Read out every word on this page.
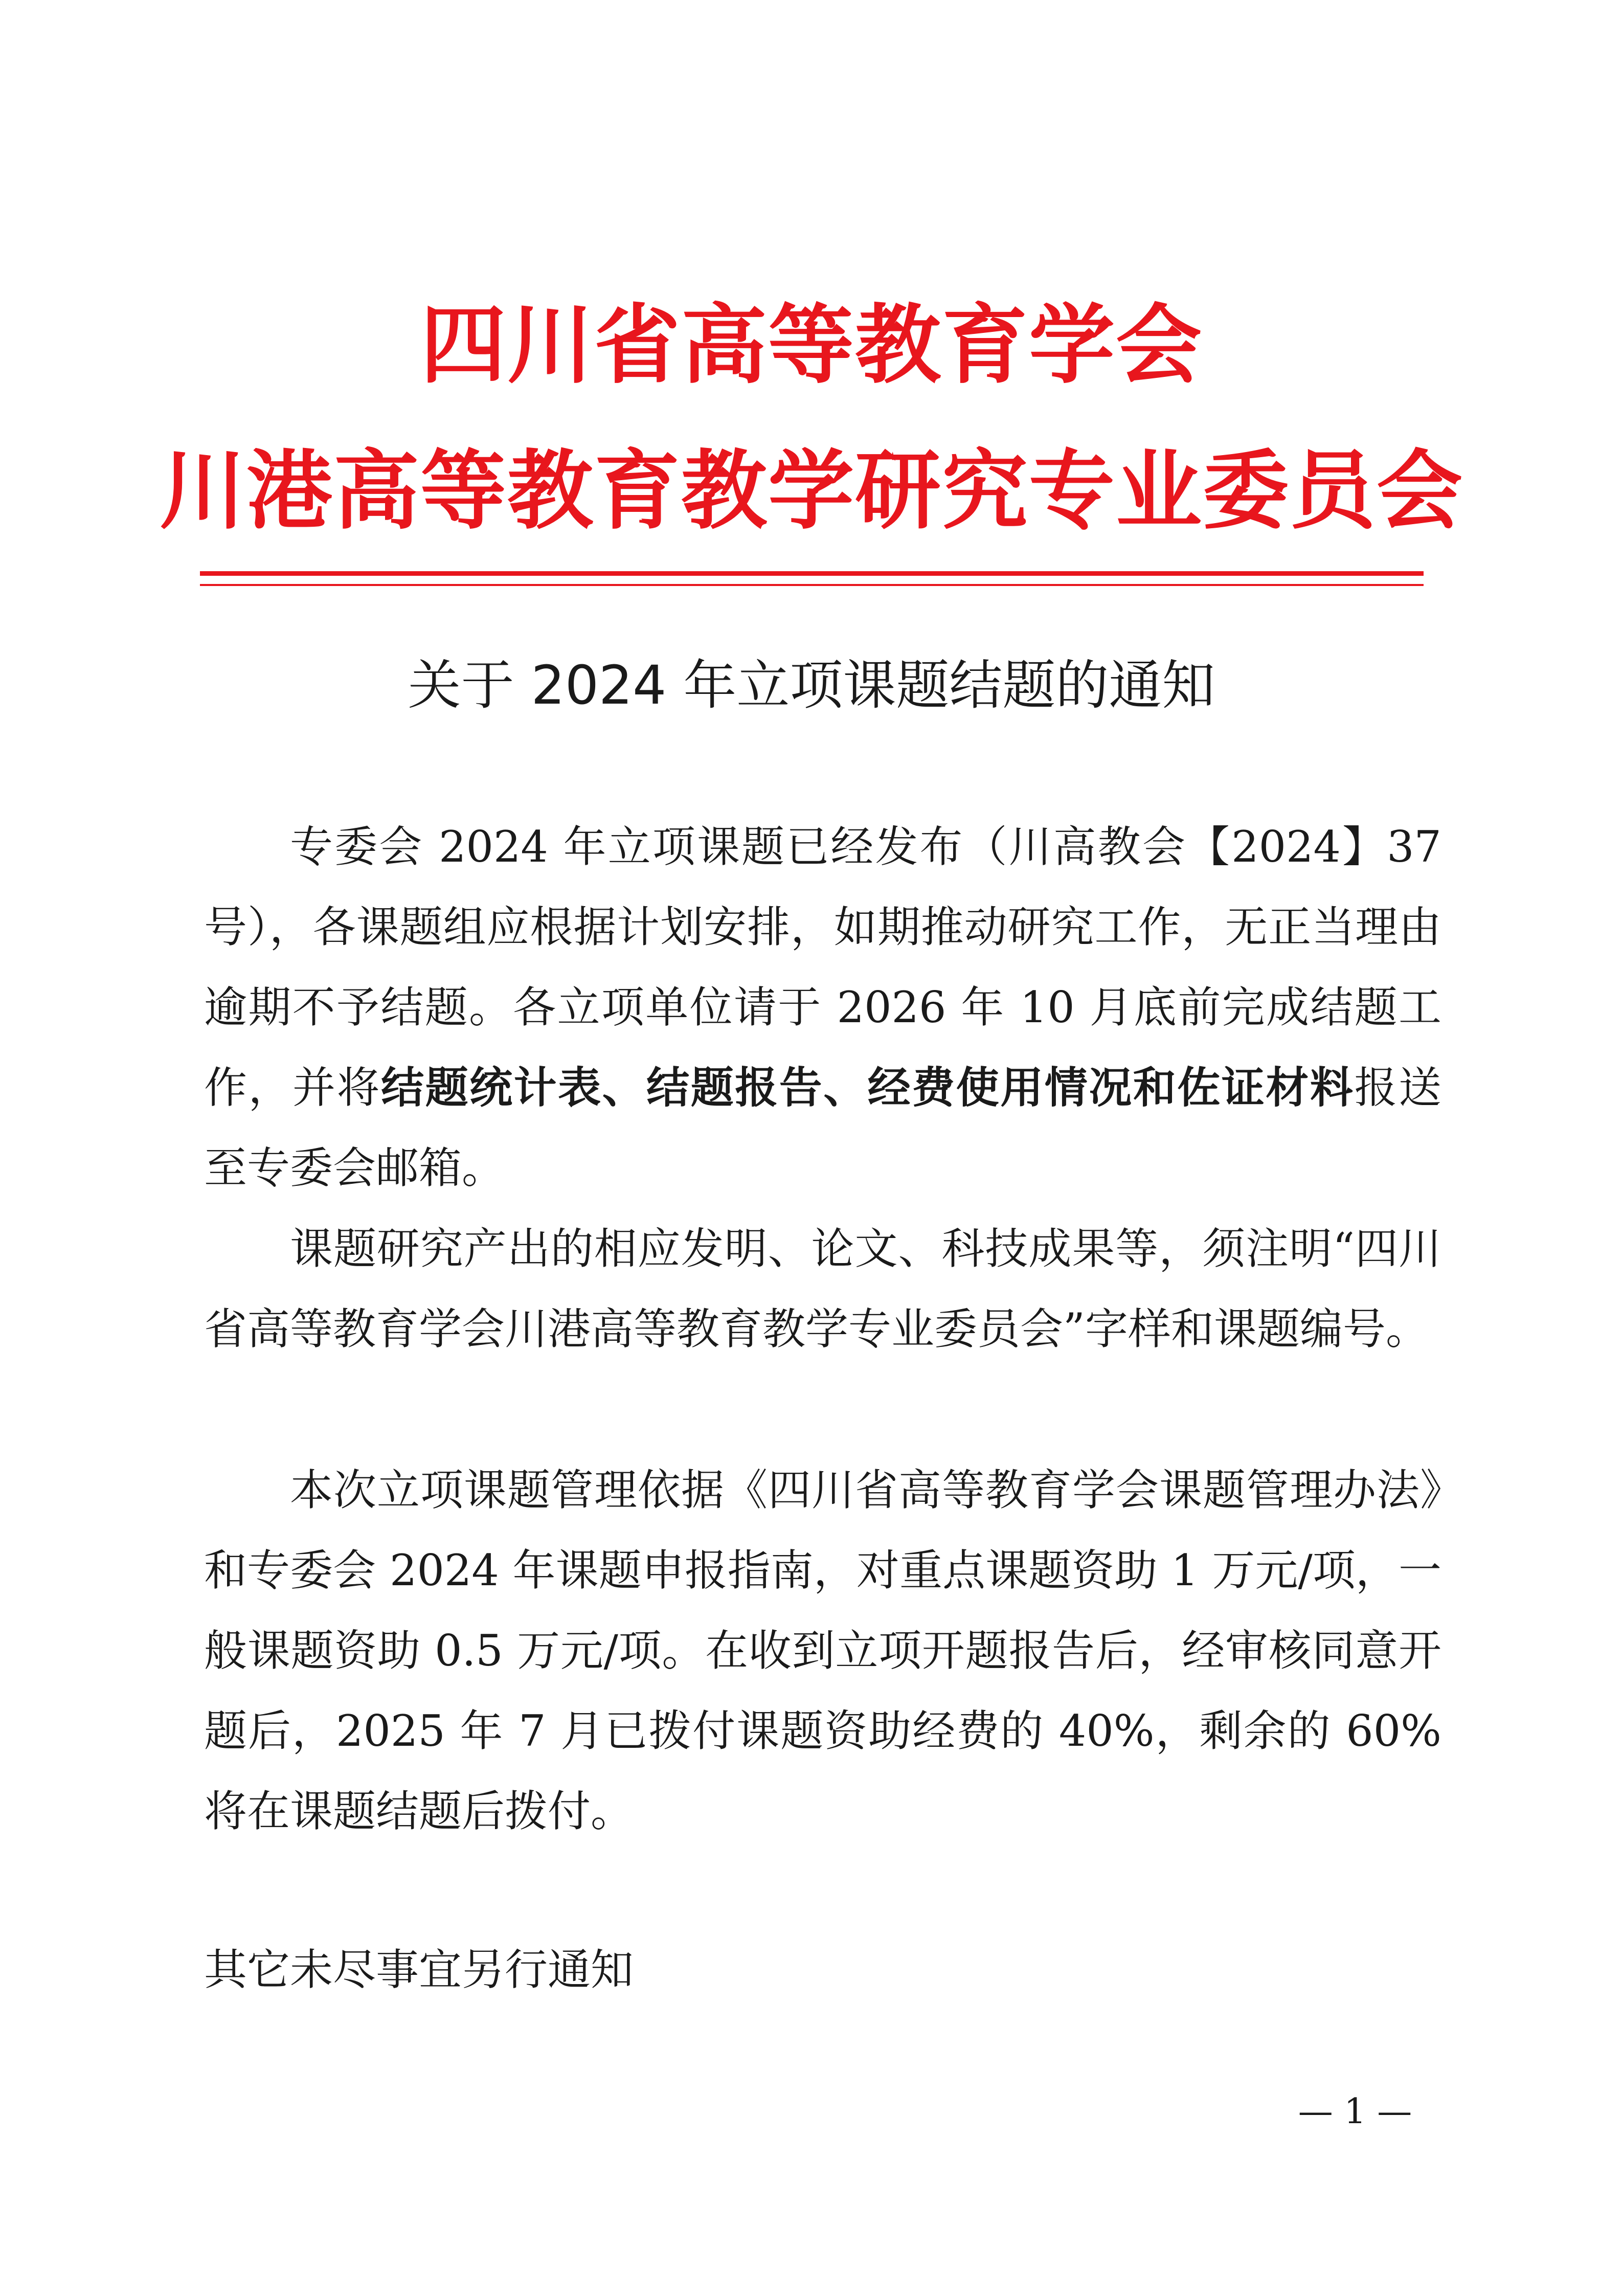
四川省高等教育学会
川港高等教育教学研究专业委员会
关于 2024 年立项课题结题的通知

专委会 2024 年立项课题已经发布（川高教会【2024】37 号），各课题组应根据计划安排，如期推动研究工作，无正当理由逾期不予结题。各立项单位请于 2026 年 10 月底前完成结题工作，并将结题统计表、结题报告、经费使用情况和佐证材料报送至专委会邮箱。

课题研究产出的相应发明、论文、科技成果等，须注明“四川省高等教育学会川港高等教育教学专业委员会”字样和课题编号。

本次立项课题管理依据《四川省高等教育学会课题管理办法》和专委会 2024 年课题申报指南，对重点课题资助 1 万元/项，一般课题资助 0.5 万元/项。在收到立项开题报告后，经审核同意开题后，2025 年 7 月已拨付课题资助经费的 40%，剩余的 60%将在课题结题后拨付。

其它未尽事宜另行通知
— 1 —
